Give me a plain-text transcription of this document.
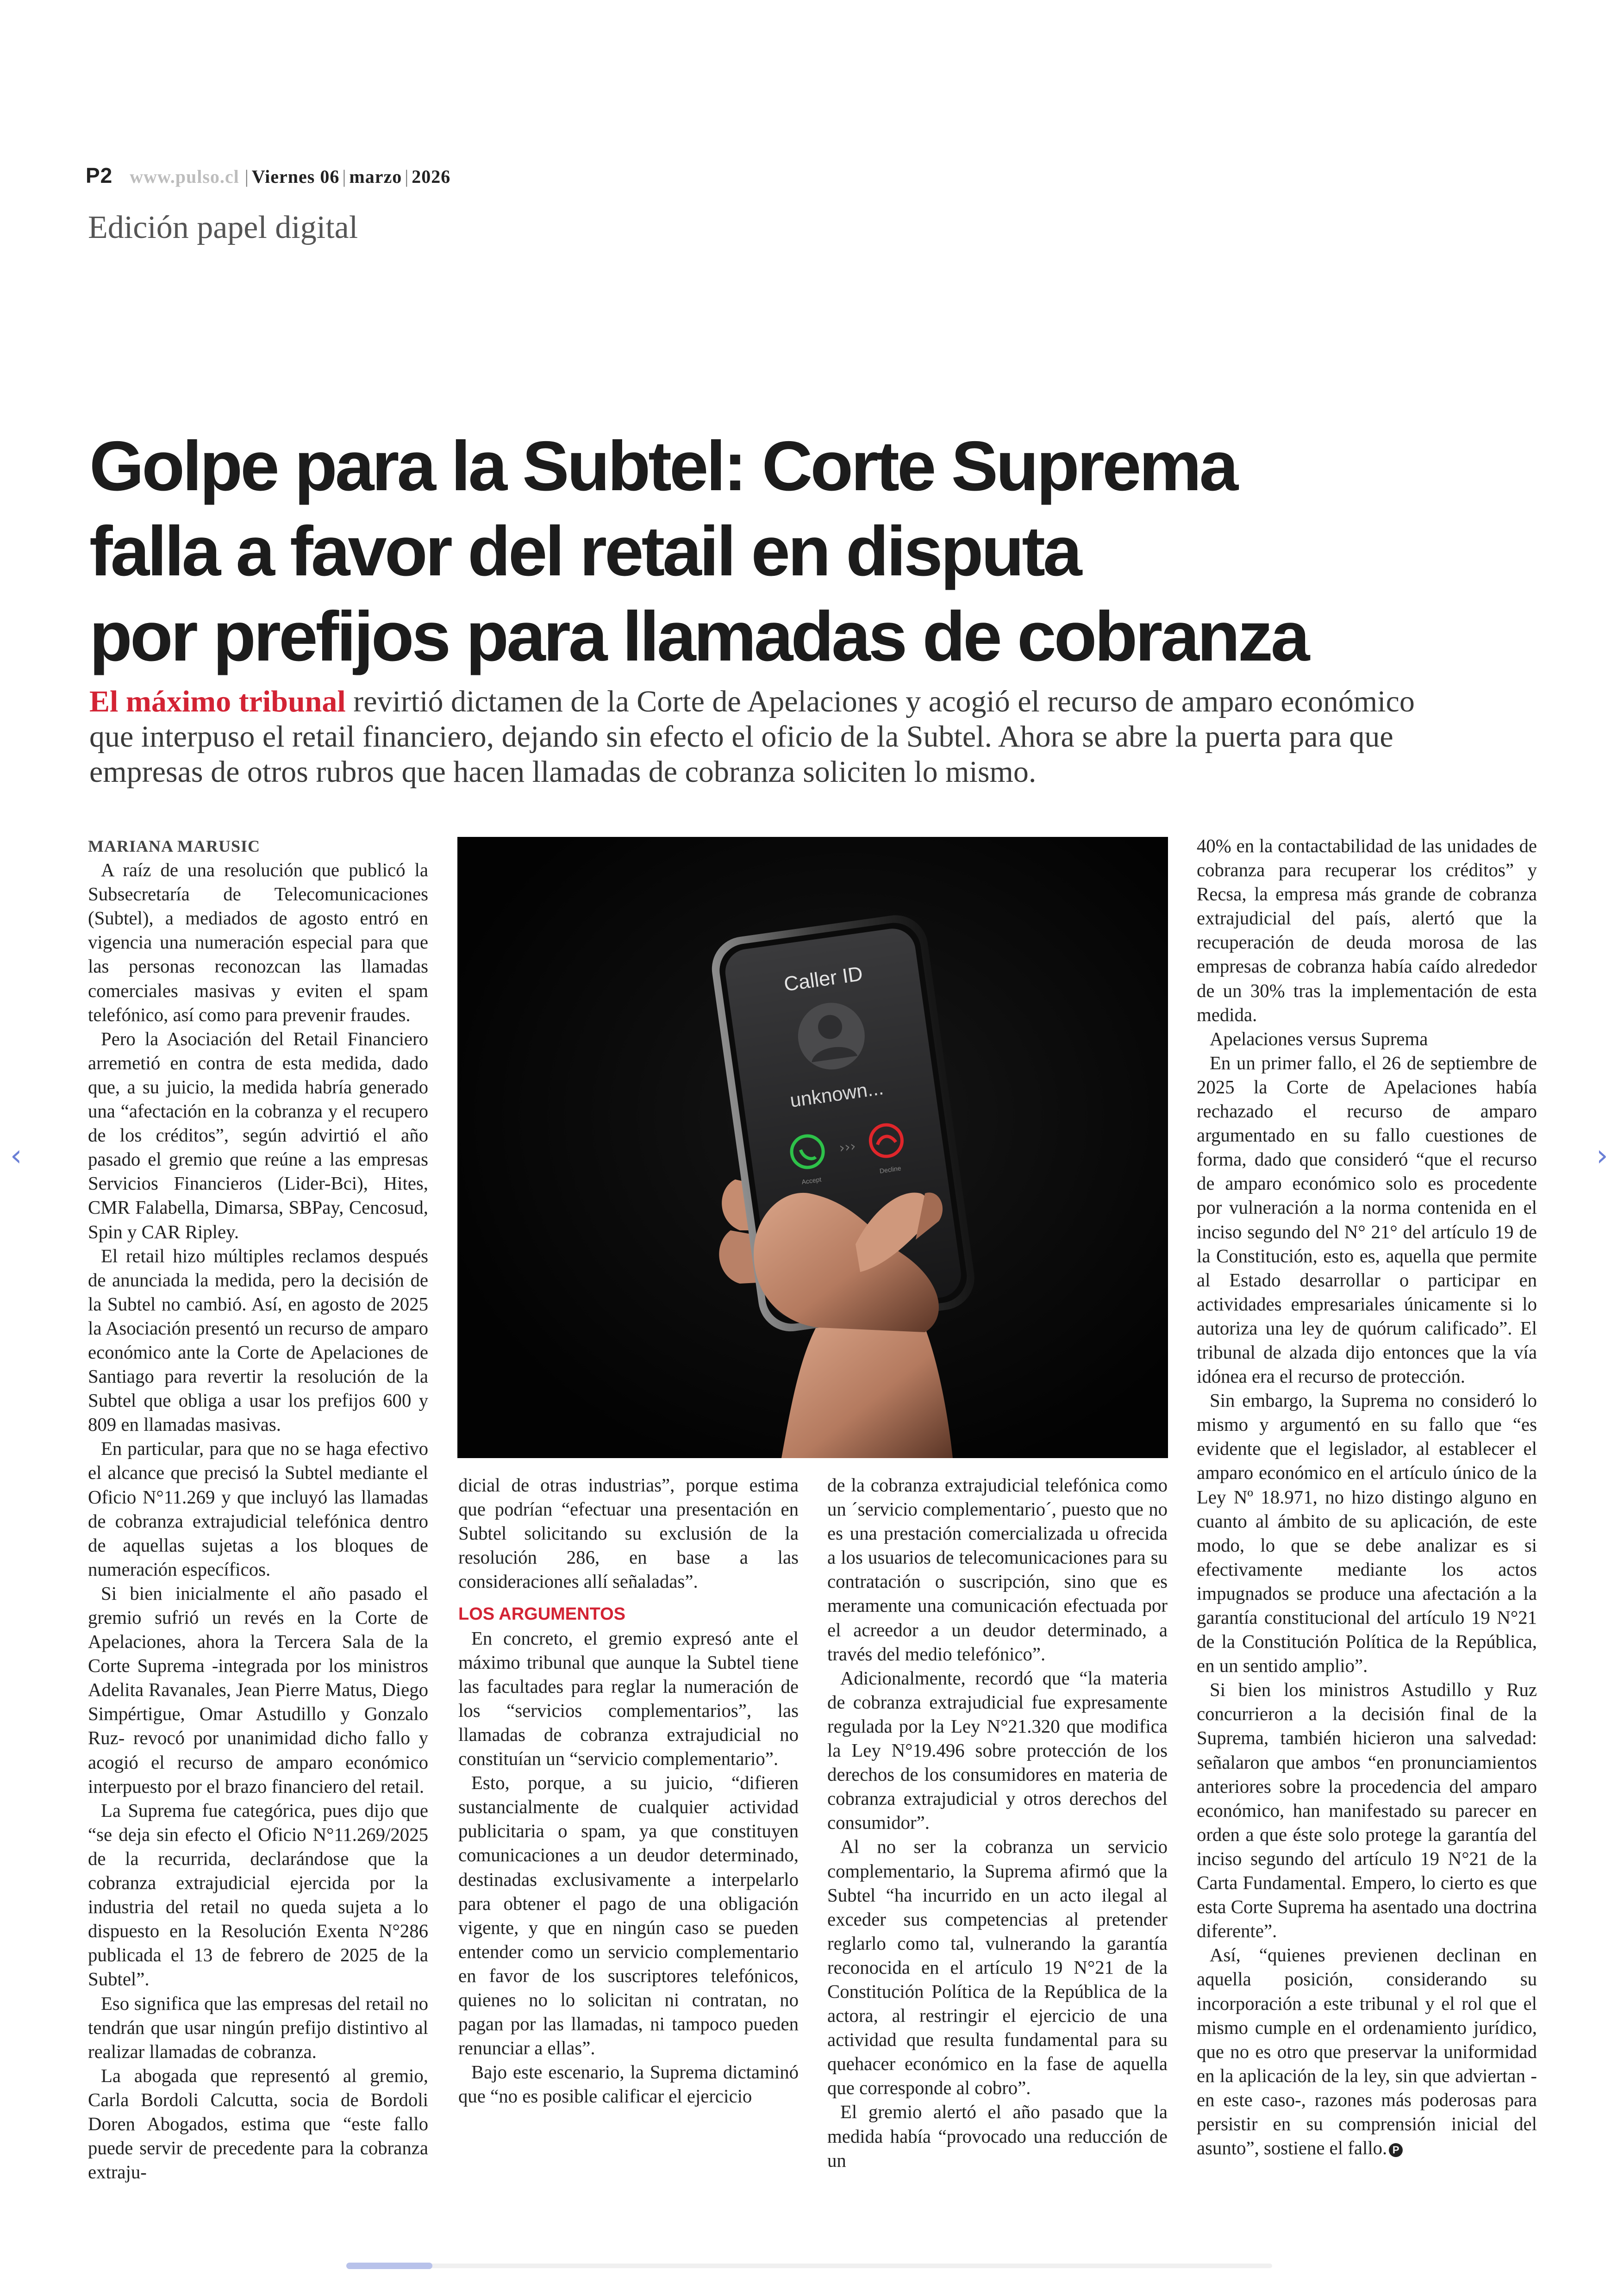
P2 www.pulso.cl | Viernes 06 | marzo | 2026
Edición papel digital
Golpe para la Subtel: Corte Suprema
falla a favor del retail en disputa
por prefijos para llamadas de cobranza
El máximo tribunal revirtió dictamen de la Corte de Apelaciones y acogió el recurso de amparo económico
que interpuso el retail financiero, dejando sin efecto el oficio de la Subtel. Ahora se abre la puerta para que
empresas de otros rubros que hacen llamadas de cobranza soliciten lo mismo.

MARIANA MARUSIC

A raíz de una resolución que publicó la Subsecretaría de Telecomunicaciones (Subtel), a mediados de agosto entró en vigencia una numeración especial para que las personas reconozcan las llamadas comerciales masivas y eviten el spam telefónico, así como para prevenir fraudes.

Pero la Asociación del Retail Financiero arremetió en contra de esta medida, dado que, a su juicio, la medida habría generado una “afectación en la cobranza y el recupero de los créditos”, según advirtió el año pasado el gremio que reúne a las empresas Servicios Financieros (Lider-Bci), Hites, CMR Falabella, Dimarsa, SBPay, Cencosud, Spin y CAR Ripley.

El retail hizo múltiples reclamos después de anunciada la medida, pero la decisión de la Subtel no cambió. Así, en agosto de 2025 la Asociación presentó un recurso de amparo económico ante la Corte de Apelaciones de Santiago para revertir la resolución de la Subtel que obliga a usar los prefijos 600 y 809 en llamadas masivas.

En particular, para que no se haga efectivo el alcance que precisó la Subtel mediante el Oficio N°11.269 y que incluyó las llamadas de cobranza extrajudicial telefónica dentro de aquellas sujetas a los bloques de numeración específicos.

Si bien inicialmente el año pasado el gremio sufrió un revés en la Corte de Apelaciones, ahora la Tercera Sala de la Corte Suprema -integrada por los ministros Adelita Ravanales, Jean Pierre Matus, Diego Simpértigue, Omar Astudillo y Gonzalo Ruz- revocó por unanimidad dicho fallo y acogió el recurso de amparo económico interpuesto por el brazo financiero del retail.

La Suprema fue categórica, pues dijo que “se deja sin efecto el Oficio N°11.269/2025 de la recurrida, declarándose que la cobranza extrajudicial ejercida por la industria del retail no queda sujeta a lo dispuesto en la Resolución Exenta N°286 publicada el 13 de febrero de 2025 de la Subtel”.

Eso significa que las empresas del retail no tendrán que usar ningún prefijo distintivo al realizar llamadas de cobranza.

La abogada que representó al gremio, Carla Bordoli Calcutta, socia de Bordoli Doren Abogados, estima que “este fallo puede servir de precedente para la cobranza extraju-

Caller ID
unknown...
›››
Accept
Decline

dicial de otras industrias”, porque estima que podrían “efectuar una presentación en Subtel solicitando su exclusión de la resolución 286, en base a las consideraciones allí señaladas”.

LOS ARGUMENTOS

En concreto, el gremio expresó ante el máximo tribunal que aunque la Subtel tiene las facultades para reglar la numeración de los “servicios complementarios”, las llamadas de cobranza extrajudicial no constituían un “servicio complementario”.

Esto, porque, a su juicio, “difieren sustancialmente de cualquier actividad publicitaria o spam, ya que constituyen comunicaciones a un deudor determinado, destinadas exclusivamente a interpelarlo para obtener el pago de una obligación vigente, y que en ningún caso se pueden entender como un servicio complementario en favor de los suscriptores telefónicos, quienes no lo solicitan ni contratan, no pagan por las llamadas, ni tampoco pueden renunciar a ellas”.

Bajo este escenario, la Suprema dictaminó que “no es posible calificar el ejercicio

de la cobranza extrajudicial telefónica como un ´servicio complementario´, puesto que no es una prestación comercializada u ofrecida a los usuarios de telecomunicaciones para su contratación o suscripción, sino que es meramente una comunicación efectuada por el acreedor a un deudor determinado, a través del medio telefónico”.

Adicionalmente, recordó que “la materia de cobranza extrajudicial fue expresamente regulada por la Ley N°21.320 que modifica la Ley N°19.496 sobre protección de los derechos de los consumidores en materia de cobranza extrajudicial y otros derechos del consumidor”.

Al no ser la cobranza un servicio complementario, la Suprema afirmó que la Subtel “ha incurrido en un acto ilegal al exceder sus competencias al pretender reglarlo como tal, vulnerando la garantía reconocida en el artículo 19 N°21 de la Constitución Política de la República de la actora, al restringir el ejercicio de una actividad que resulta fundamental para su quehacer económico en la fase de aquella que corresponde al cobro”.

El gremio alertó el año pasado que la medida había “provocado una reducción de un

40% en la contactabilidad de las unidades de cobranza para recuperar los créditos” y Recsa, la empresa más grande de cobranza extrajudicial del país, alertó que la recuperación de deuda morosa de las empresas de cobranza había caído alrededor de un 30% tras la implementación de esta medida.

Apelaciones versus Suprema

En un primer fallo, el 26 de septiembre de 2025 la Corte de Apelaciones había rechazado el recurso de amparo argumentado en su fallo cuestiones de forma, dado que consideró “que el recurso de amparo económico solo es procedente por vulneración a la norma contenida en el inciso segundo del N° 21° del artículo 19 de la Constitución, esto es, aquella que permite al Estado desarrollar o participar en actividades empresariales únicamente si lo autoriza una ley de quórum calificado”. El tribunal de alzada dijo entonces que la vía idónea era el recurso de protección.

Sin embargo, la Suprema no consideró lo mismo y argumentó en su fallo que “es evidente que el legislador, al establecer el amparo económico en el artículo único de la Ley Nº 18.971, no hizo distingo alguno en cuanto al ámbito de su aplicación, de este modo, lo que se debe analizar es si efectivamente mediante los actos impugnados se produce una afectación a la garantía constitucional del artículo 19 N°21 de la Constitución Política de la República, en un sentido amplio”.

Si bien los ministros Astudillo y Ruz concurrieron a la decisión final de la Suprema, también hicieron una salvedad: señalaron que ambos “en pronunciamientos anteriores sobre la procedencia del amparo económico, han manifestado su parecer en orden a que éste solo protege la garantía del inciso segundo del artículo 19 N°21 de la Carta Fundamental. Empero, lo cierto es que esta Corte Suprema ha asentado una doctrina diferente”.

Así, “quienes previenen declinan en aquella posición, considerando su incorporación a este tribunal y el rol que el mismo cumple en el ordenamiento jurídico, que no es otro que preservar la uniformidad en la aplicación de la ley, sin que adviertan -en este caso-, razones más poderosas para persistir en su comprensión inicial del asunto”, sostiene el fallo. P

‹	›
